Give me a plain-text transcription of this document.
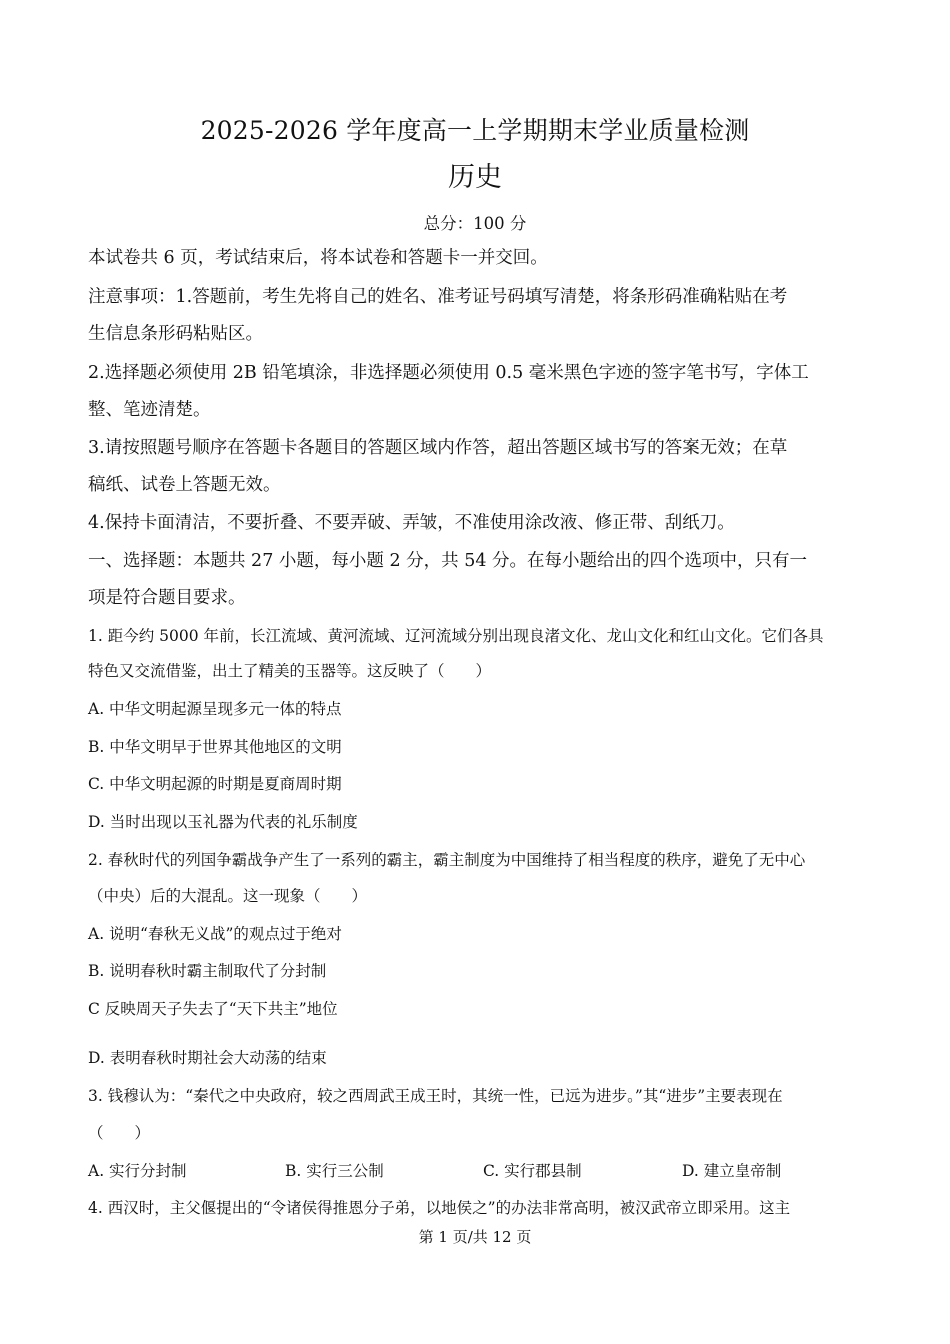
2025-2026 学年度高一上学期期末学业质量检测
历史
总分：100 分
本试卷共 6 页，考试结束后，将本试卷和答题卡一并交回。
注意事项：1.答题前，考生先将自己的姓名、准考证号码填写清楚，将条形码准确粘贴在考
生信息条形码粘贴区。
2.选择题必须使用 2B 铅笔填涂，非选择题必须使用 0.5 毫米黑色字迹的签字笔书写，字体工
整、笔迹清楚。
3.请按照题号顺序在答题卡各题目的答题区域内作答，超出答题区域书写的答案无效；在草
稿纸、试卷上答题无效。
4.保持卡面清洁，不要折叠、不要弄破、弄皱，不准使用涂改液、修正带、刮纸刀。
一、选择题：本题共 27 小题，每小题 2 分，共 54 分。在每小题给出的四个选项中，只有一
项是符合题目要求。
1. 距今约 5000 年前，长江流域、黄河流域、辽河流域分别出现良渚文化、龙山文化和红山文化。它们各具
特色又交流借鉴，出土了精美的玉器等。这反映了（　　）
A. 中华文明起源呈现多元一体的特点
B. 中华文明早于世界其他地区的文明
C. 中华文明起源的时期是夏商周时期
D. 当时出现以玉礼器为代表的礼乐制度
2. 春秋时代的列国争霸战争产生了一系列的霸主，霸主制度为中国维持了相当程度的秩序，避免了无中心
（中央）后的大混乱。这一现象（　　）
A. 说明“春秋无义战”的观点过于绝对
B. 说明春秋时霸主制取代了分封制
C 反映周天子失去了“天下共主”地位
D. 表明春秋时期社会大动荡的结束
3. 钱穆认为：“秦代之中央政府，较之西周武王成王时，其统一性，已远为进步。”其“进步”主要表现在
（　　）
A. 实行分封制	B. 实行三公制	C. 实行郡县制	D. 建立皇帝制
4. 西汉时，主父偃提出的“令诸侯得推恩分子弟，以地侯之”的办法非常高明，被汉武帝立即采用。这主
第 1 页/共 12 页
